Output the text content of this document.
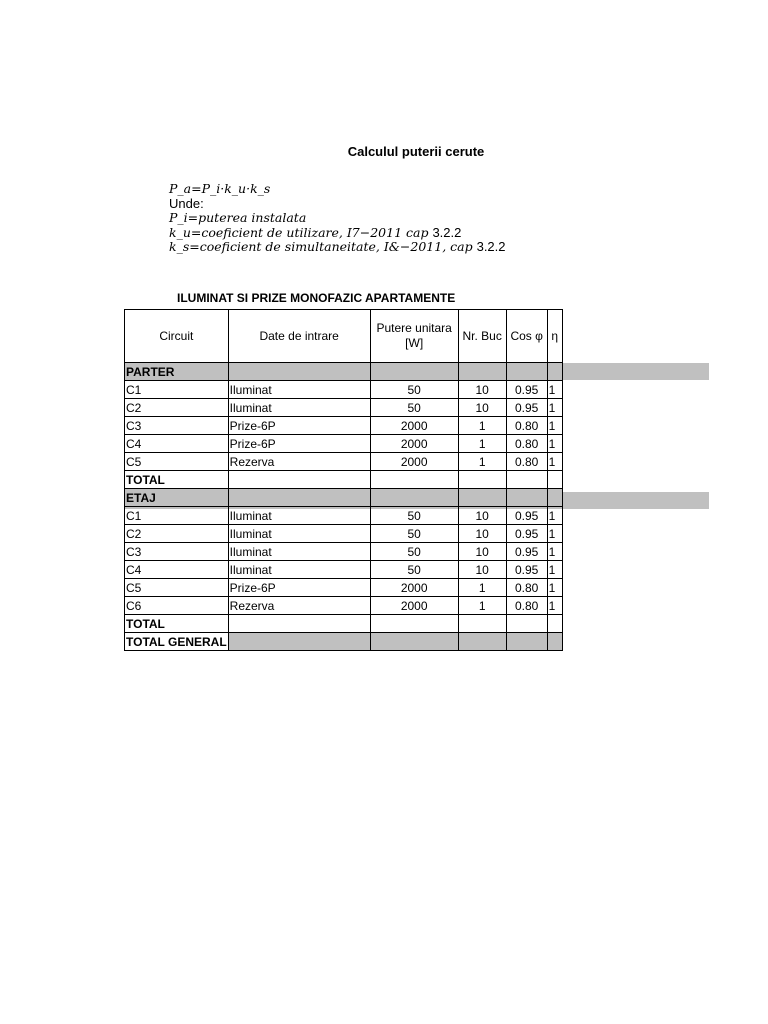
Calculul puterii cerute
P_a=P_i·k_u·k_s
Unde:
P_i=puterea instalata
k_u=coeficient de utilizare, I7−2011 cap 3.2.2
k_s=coeficient de simultaneitate, I&−2011, cap 3.2.2
ILUMINAT SI PRIZE MONOFAZIC APARTAMENTE
Circuit	Date de intrare	Putere unitara [W]	Nr. Buc	Cos φ	η
PARTER					
C1	Iluminat	50	10	0.95	1
C2	Iluminat	50	10	0.95	1
C3	Prize-6P	2000	1	0.80	1
C4	Prize-6P	2000	1	0.80	1
C5	Rezerva	2000	1	0.80	1
TOTAL					
ETAJ					
C1	Iluminat	50	10	0.95	1
C2	Iluminat	50	10	0.95	1
C3	Iluminat	50	10	0.95	1
C4	Iluminat	50	10	0.95	1
C5	Prize-6P	2000	1	0.80	1
C6	Rezerva	2000	1	0.80	1
TOTAL					
TOTAL GENERAL					
